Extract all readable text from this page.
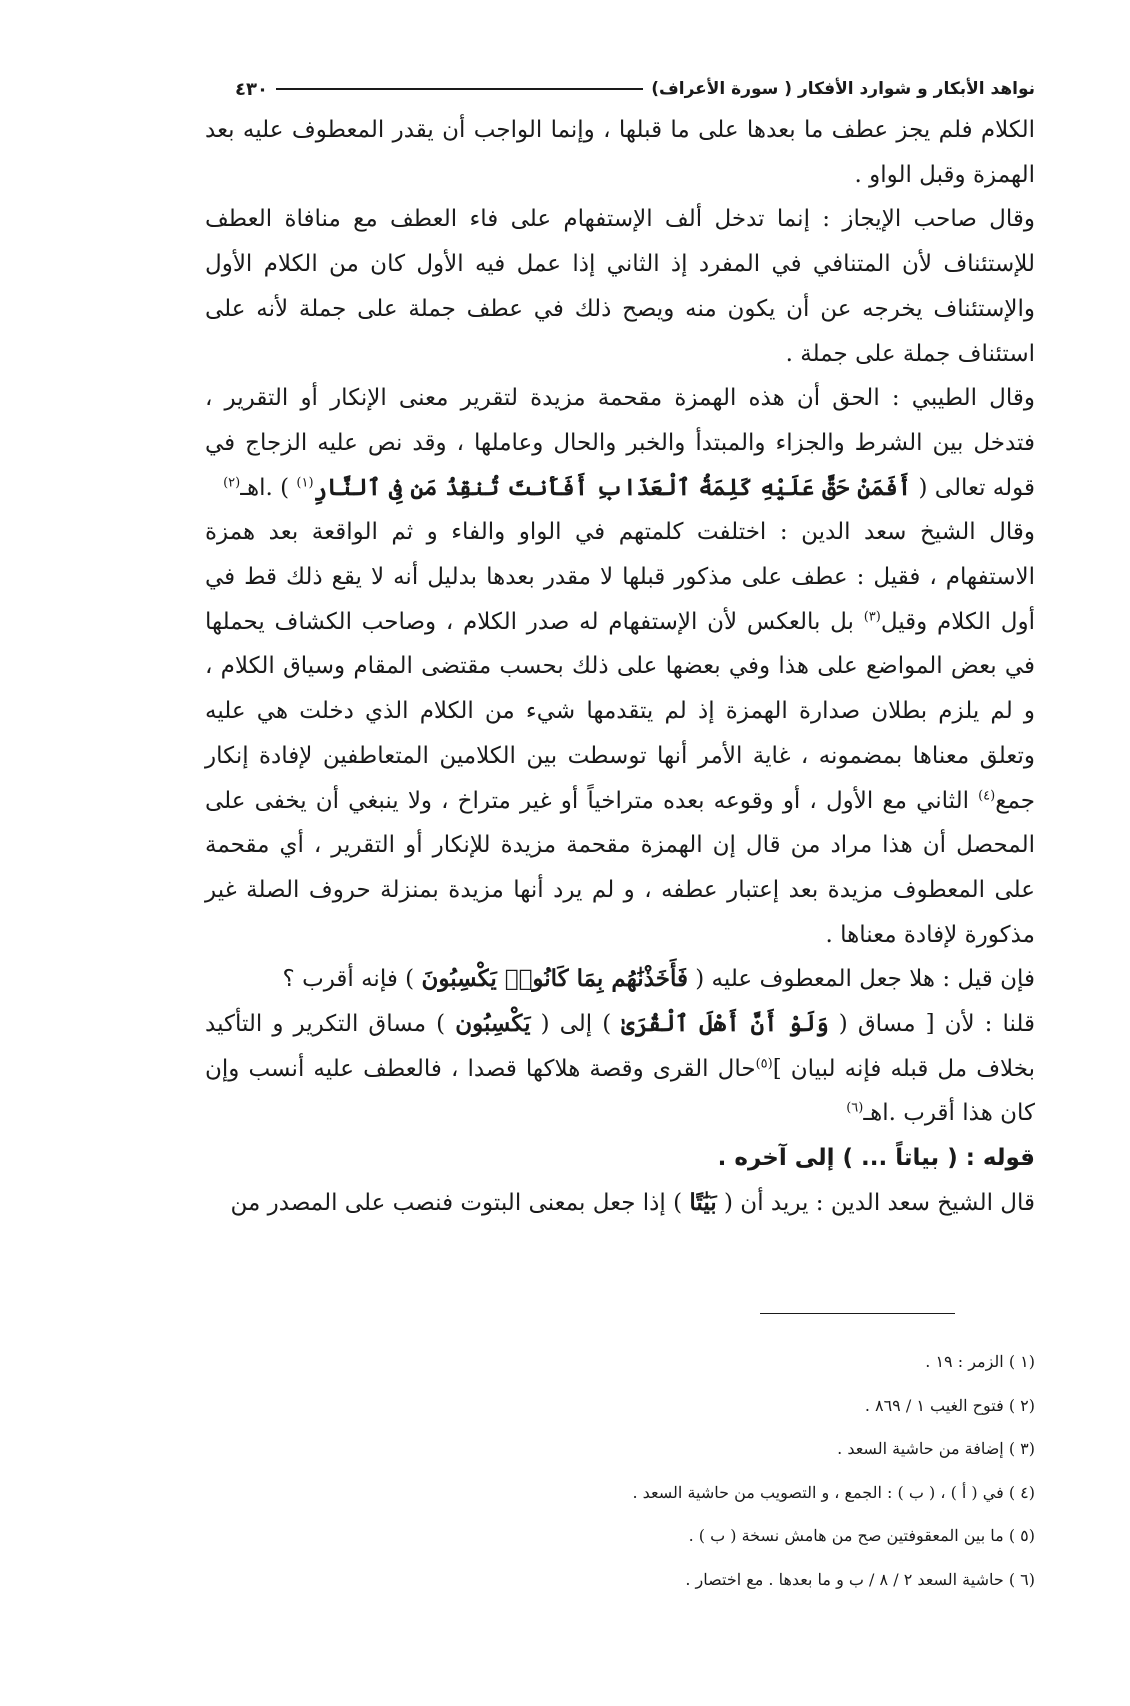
نواهد الأبكار و شوارد الأفكار ( سورة الأعراف)
٤٣٠

الكلام فلم يجز عطف ما بعدها على ما قبلها ، وإنما الواجب أن يقدر المعطوف عليه بعد الهمزة وقبل الواو .

وقال صاحب الإيجاز : إنما تدخل ألف الإستفهام على فاء العطف مع منافاة العطف للإستئناف لأن المتنافي في المفرد إذ الثاني إذا عمل فيه الأول كان من الكلام الأول والإستئناف يخرجه عن أن يكون منه ويصح ذلك في عطف جملة على جملة لأنه على استئناف جملة على جملة .

وقال الطيبي : الحق أن هذه الهمزة مقحمة مزيدة لتقرير معنى الإنكار أو التقرير ، فتدخل بين الشرط والجزاء والمبتدأ والخبر والحال وعاملها ، وقد نص عليه الزجاج في قوله تعالى ( أَفَمَنْ حَقَّ عَلَيْهِ كَلِمَةُ ٱلْعَذَابِ أَفَأَنتَ تُنقِذُ مَن فِى ٱلنَّارِ$^{(١)}$ ) .اهـ$^{(٢)}$

وقال الشيخ سعد الدين : اختلفت كلمتهم في الواو والفاء و ثم الواقعة بعد همزة الاستفهام ، فقيل : عطف على مذكور قبلها لا مقدر بعدها بدليل أنه لا يقع ذلك قط في أول الكلام وقيل$^{(٣)}$ بل بالعكس لأن الإستفهام له صدر الكلام ، وصاحب الكشاف يحملها في بعض المواضع على هذا وفي بعضها على ذلك بحسب مقتضى المقام وسياق الكلام ، و لم يلزم بطلان صدارة الهمزة إذ لم يتقدمها شيء من الكلام الذي دخلت هي عليه وتعلق معناها بمضمونه ، غاية الأمر أنها توسطت بين الكلامين المتعاطفين لإفادة إنكار جمع$^{(٤)}$ الثاني مع الأول ، أو وقوعه بعده متراخياً أو غير متراخ ، ولا ينبغي أن يخفى على المحصل أن هذا مراد من قال إن الهمزة مقحمة مزيدة للإنكار أو التقرير ، أي مقحمة على المعطوف مزيدة بعد إعتبار عطفه ، و لم يرد أنها مزيدة بمنزلة حروف الصلة غير مذكورة لإفادة معناها .

فإن قيل : هلا جعل المعطوف عليه ( فَأَخَذْنَٰهُم بِمَا كَانُوا۟ يَكْسِبُونَ ) فإنه أقرب ؟

قلنا : لأن [ مساق ( وَلَوْ أَنَّ أَهْلَ ٱلْقُرَىٰ ) إلى ( يَكْسِبُون ) مساق التكرير و التأكيد بخلاف مل قبله فإنه لبيان ]$^{(٥)}$حال القرى وقصة هلاكها قصدا ، فالعطف عليه أنسب وإن كان هذا أقرب .اهـ$^{(٦)}$

قوله : ( بياتاً ... ) إلى آخره .

قال الشيخ سعد الدين : يريد أن ( بَيَٰتًا ) إذا جعل بمعنى البتوت فنصب على المصدر من

(١ ) الزمر : ١٩ .

(٢ ) فتوح الغيب ١ / ٨٦٩ .

(٣ ) إضافة من حاشية السعد .

(٤ ) في ( أ ) ، ( ب ) : الجمع ، و التصويب من حاشية السعد .

(٥ ) ما بين المعقوفتين صح من هامش نسخة ( ب ) .

(٦ ) حاشية السعد ٢ / ٨ / ب و ما بعدها . مع اختصار .
